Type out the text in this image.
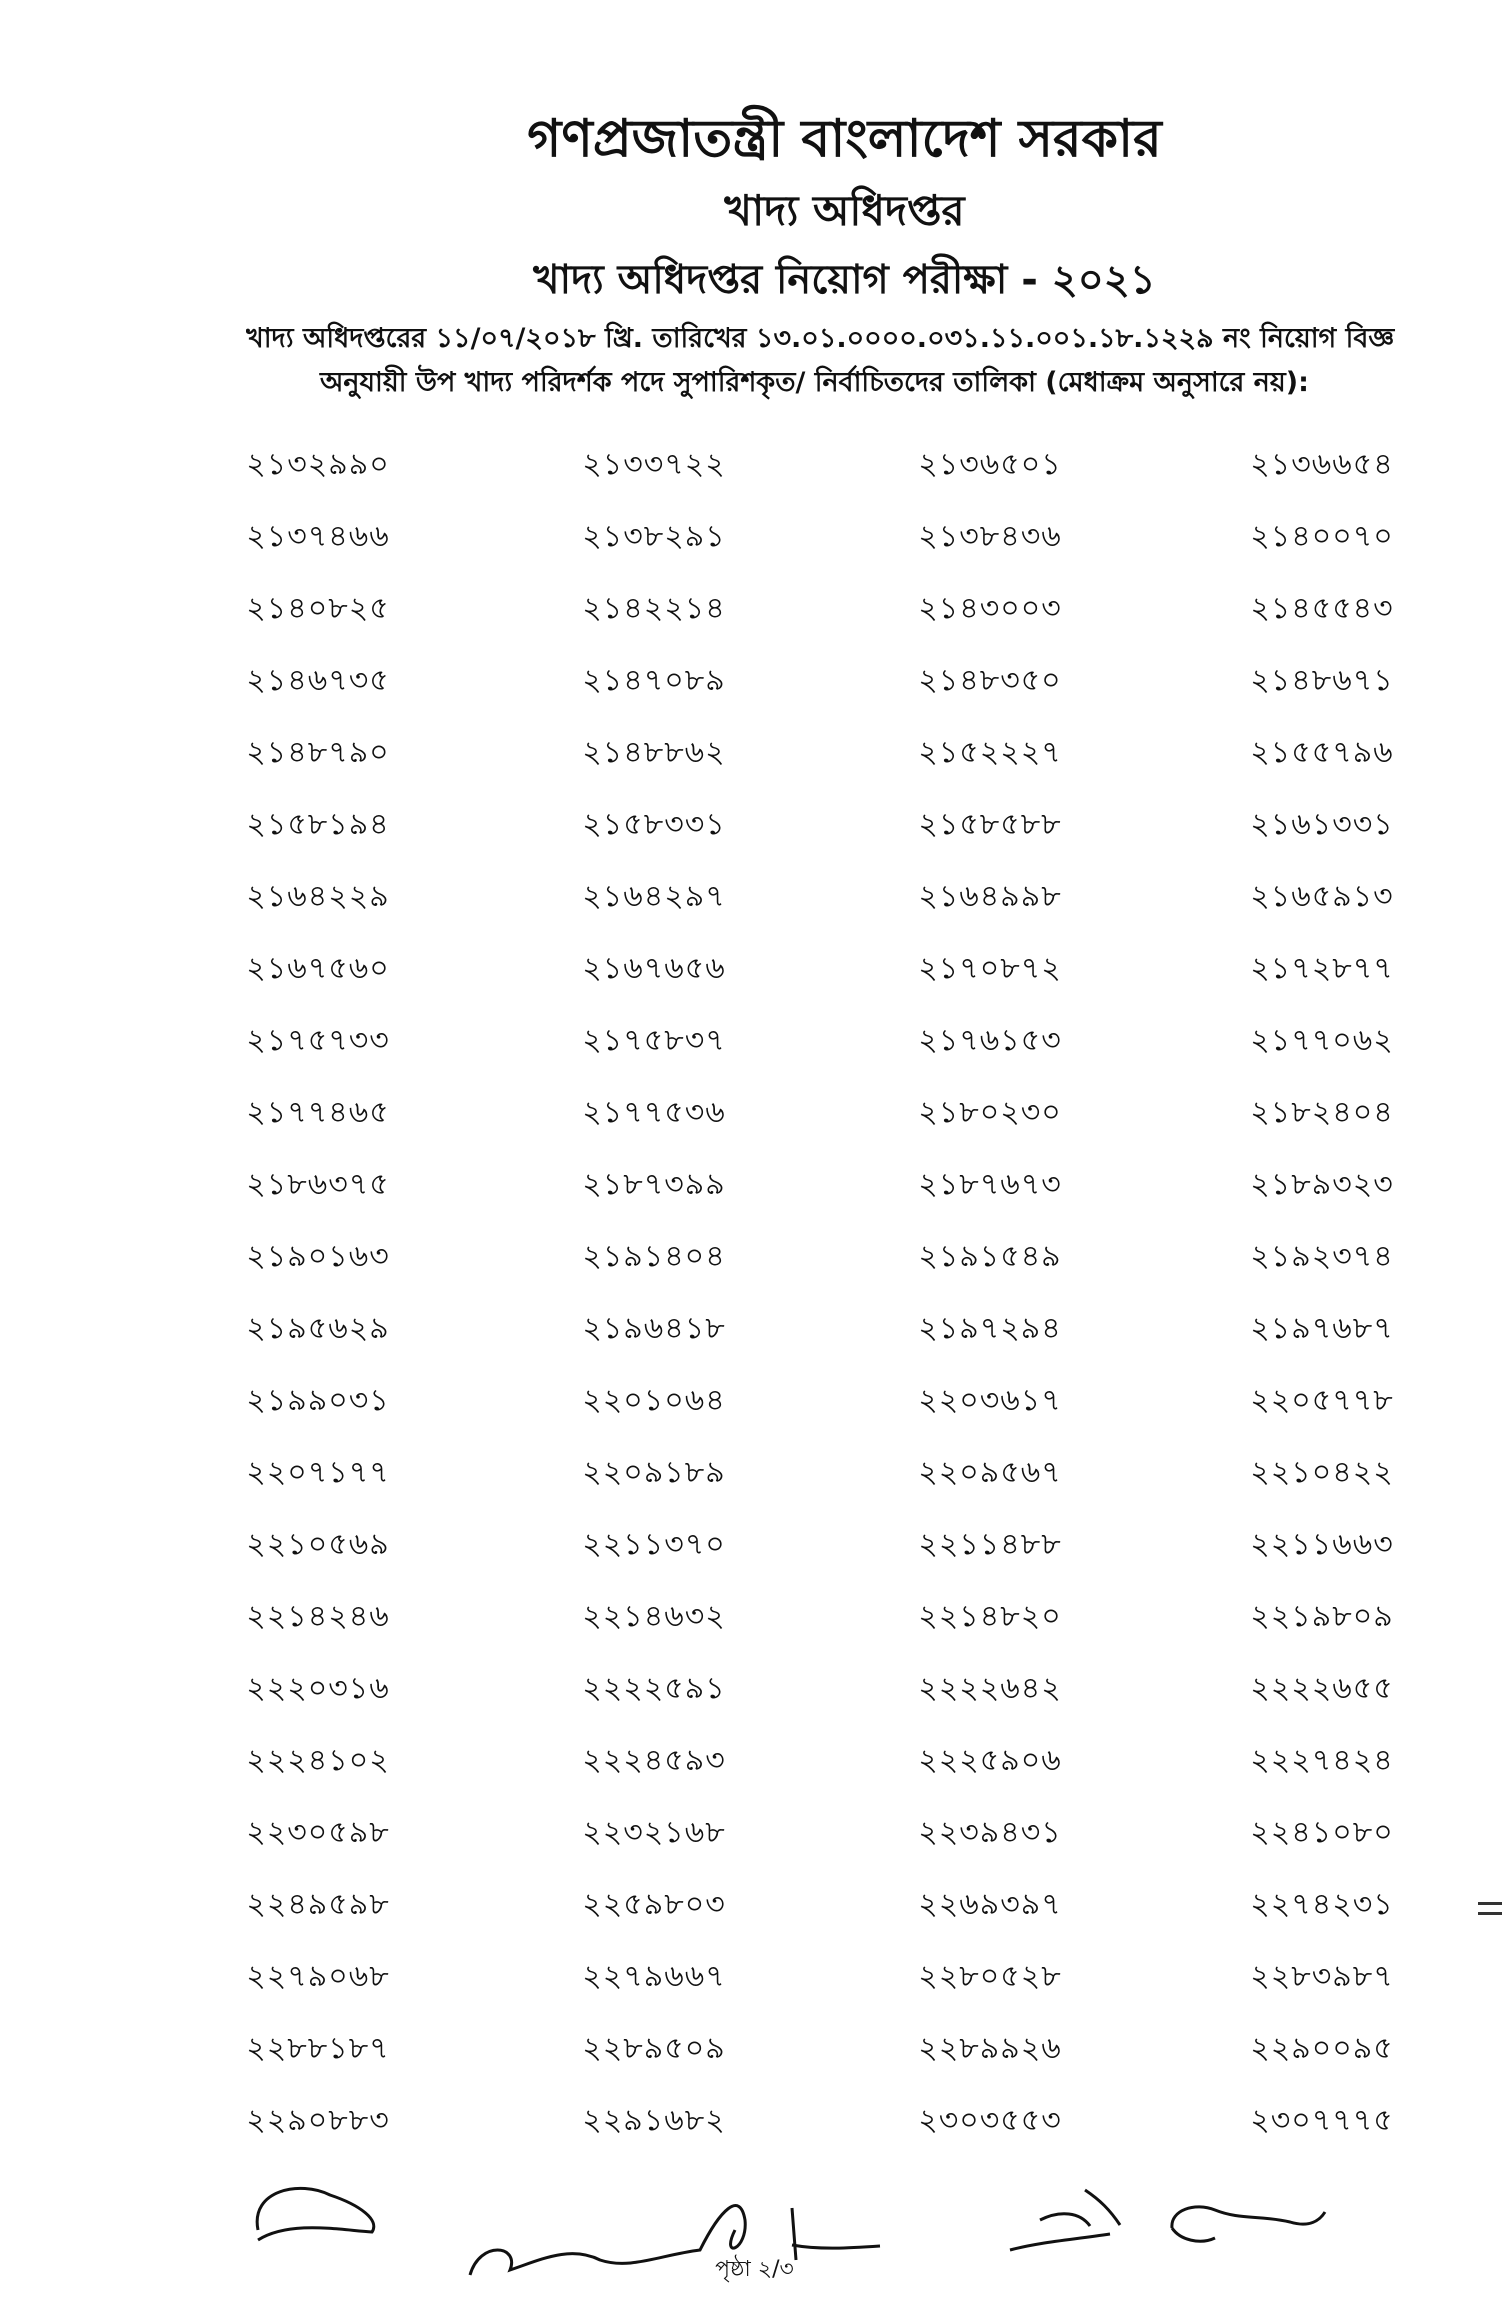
গণপ্রজাতন্ত্রী বাংলাদেশ সরকার
খাদ্য অধিদপ্তর
খাদ্য অধিদপ্তর নিয়োগ পরীক্ষা - ২০২১
খাদ্য অধিদপ্তরের ১১/০৭/২০১৮ খ্রি. তারিখের ১৩.০১.০০০০.০৩১.১১.০০১.১৮.১২২৯ নং নিয়োগ বিজ্ঞ
অনুযায়ী উপ খাদ্য পরিদর্শক পদে সুপারিশকৃত/ নির্বাচিতদের তালিকা (মেধাক্রম অনুসারে নয়):
২১৩২৯৯০	২১৩৩৭২২	২১৩৬৫০১	২১৩৬৬৫৪
২১৩৭৪৬৬	২১৩৮২৯১	২১৩৮৪৩৬	২১৪০০৭০
২১৪০৮২৫	২১৪২২১৪	২১৪৩০০৩	২১৪৫৫৪৩
২১৪৬৭৩৫	২১৪৭০৮৯	২১৪৮৩৫০	২১৪৮৬৭১
২১৪৮৭৯০	২১৪৮৮৬২	২১৫২২২৭	২১৫৫৭৯৬
২১৫৮১৯৪	২১৫৮৩৩১	২১৫৮৫৮৮	২১৬১৩৩১
২১৬৪২২৯	২১৬৪২৯৭	২১৬৪৯৯৮	২১৬৫৯১৩
২১৬৭৫৬০	২১৬৭৬৫৬	২১৭০৮৭২	২১৭২৮৭৭
২১৭৫৭৩৩	২১৭৫৮৩৭	২১৭৬১৫৩	২১৭৭০৬২
২১৭৭৪৬৫	২১৭৭৫৩৬	২১৮০২৩০	২১৮২৪০৪
২১৮৬৩৭৫	২১৮৭৩৯৯	২১৮৭৬৭৩	২১৮৯৩২৩
২১৯০১৬৩	২১৯১৪০৪	২১৯১৫৪৯	২১৯২৩৭৪
২১৯৫৬২৯	২১৯৬৪১৮	২১৯৭২৯৪	২১৯৭৬৮৭
২১৯৯০৩১	২২০১০৬৪	২২০৩৬১৭	২২০৫৭৭৮
২২০৭১৭৭	২২০৯১৮৯	২২০৯৫৬৭	২২১০৪২২
২২১০৫৬৯	২২১১৩৭০	২২১১৪৮৮	২২১১৬৬৩
২২১৪২৪৬	২২১৪৬৩২	২২১৪৮২০	২২১৯৮০৯
২২২০৩১৬	২২২২৫৯১	২২২২৬৪২	২২২২৬৫৫
২২২৪১০২	২২২৪৫৯৩	২২২৫৯০৬	২২২৭৪২৪
২২৩০৫৯৮	২২৩২১৬৮	২২৩৯৪৩১	২২৪১০৮০
২২৪৯৫৯৮	২২৫৯৮০৩	২২৬৯৩৯৭	২২৭৪২৩১
২২৭৯০৬৮	২২৭৯৬৬৭	২২৮০৫২৮	২২৮৩৯৮৭
২২৮৮১৮৭	২২৮৯৫০৯	২২৮৯৯২৬	২২৯০০৯৫
২২৯০৮৮৩	২২৯১৬৮২	২৩০৩৫৫৩	২৩০৭৭৭৫
পৃষ্ঠা ২/৩
